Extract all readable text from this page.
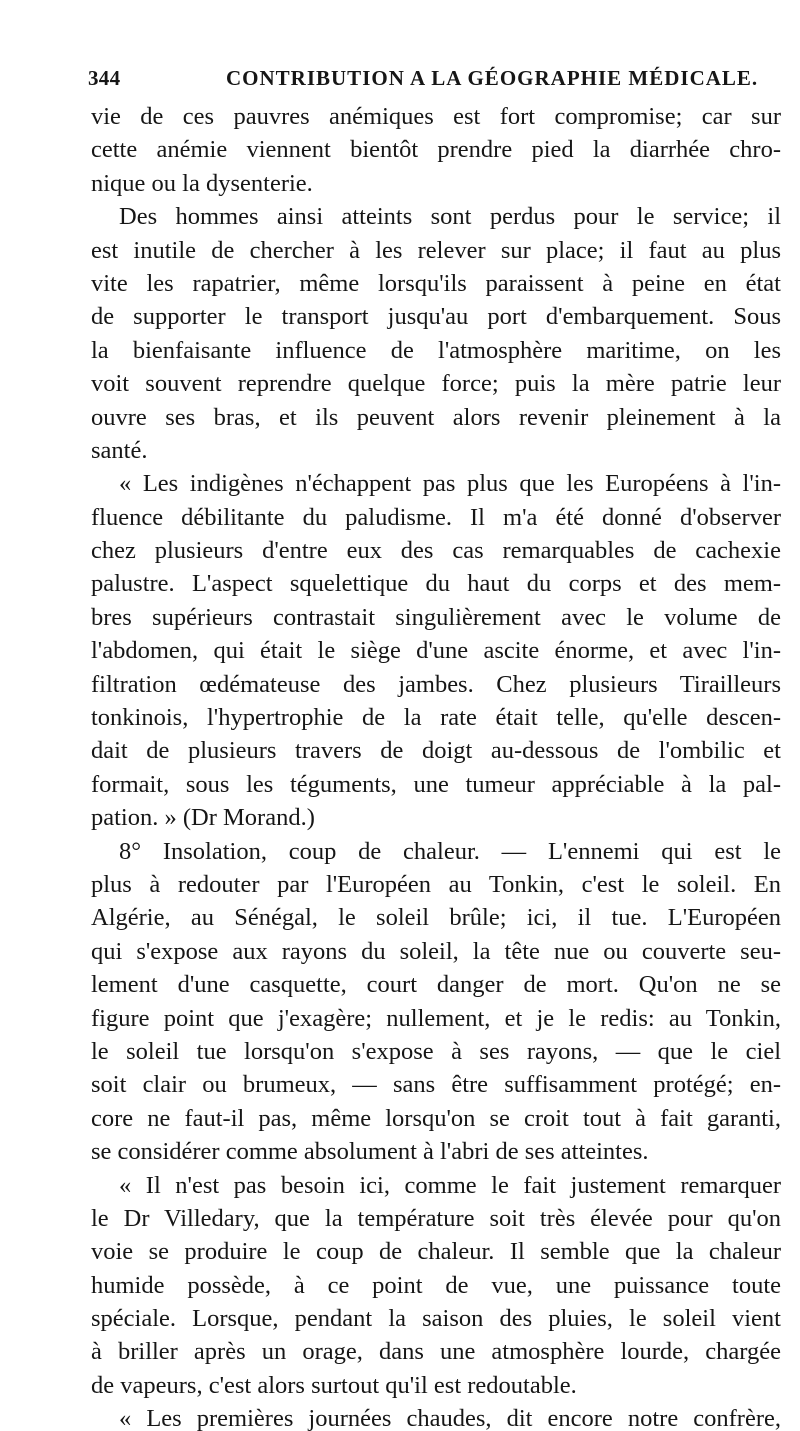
344	CONTRIBUTION A LA GÉOGRAPHIE MÉDICALE.
vie de ces pauvres anémiques est fort compromise; car sur
cette anémie viennent bientôt prendre pied la diarrhée chro-
nique ou la dysenterie.
Des hommes ainsi atteints sont perdus pour le service; il
est inutile de chercher à les relever sur place; il faut au plus
vite les rapatrier, même lorsqu'ils paraissent à peine en état
de supporter le transport jusqu'au port d'embarquement. Sous
la bienfaisante influence de l'atmosphère maritime, on les
voit souvent reprendre quelque force; puis la mère patrie leur
ouvre ses bras, et ils peuvent alors revenir pleinement à la
santé.
« Les indigènes n'échappent pas plus que les Européens à l'in-
fluence débilitante du paludisme. Il m'a été donné d'observer
chez plusieurs d'entre eux des cas remarquables de cachexie
palustre. L'aspect squelettique du haut du corps et des mem-
bres supérieurs contrastait singulièrement avec le volume de
l'abdomen, qui était le siège d'une ascite énorme, et avec l'in-
filtration œdémateuse des jambes. Chez plusieurs Tirailleurs
tonkinois, l'hypertrophie de la rate était telle, qu'elle descen-
dait de plusieurs travers de doigt au-dessous de l'ombilic et
formait, sous les téguments, une tumeur appréciable à la pal-
pation. » (Dr Morand.)
8° Insolation, coup de chaleur. — L'ennemi qui est le
plus à redouter par l'Européen au Tonkin, c'est le soleil. En
Algérie, au Sénégal, le soleil brûle; ici, il tue. L'Européen
qui s'expose aux rayons du soleil, la tête nue ou couverte seu-
lement d'une casquette, court danger de mort. Qu'on ne se
figure point que j'exagère; nullement, et je le redis: au Tonkin,
le soleil tue lorsqu'on s'expose à ses rayons, — que le ciel
soit clair ou brumeux, — sans être suffisamment protégé; en-
core ne faut-il pas, même lorsqu'on se croit tout à fait garanti,
se considérer comme absolument à l'abri de ses atteintes.
« Il n'est pas besoin ici, comme le fait justement remarquer
le Dr Villedary, que la température soit très élevée pour qu'on
voie se produire le coup de chaleur. Il semble que la chaleur
humide possède, à ce point de vue, une puissance toute
spéciale. Lorsque, pendant la saison des pluies, le soleil vient
à briller après un orage, dans une atmosphère lourde, chargée
de vapeurs, c'est alors surtout qu'il est redoutable.
« Les premières journées chaudes, dit encore notre confrère,
